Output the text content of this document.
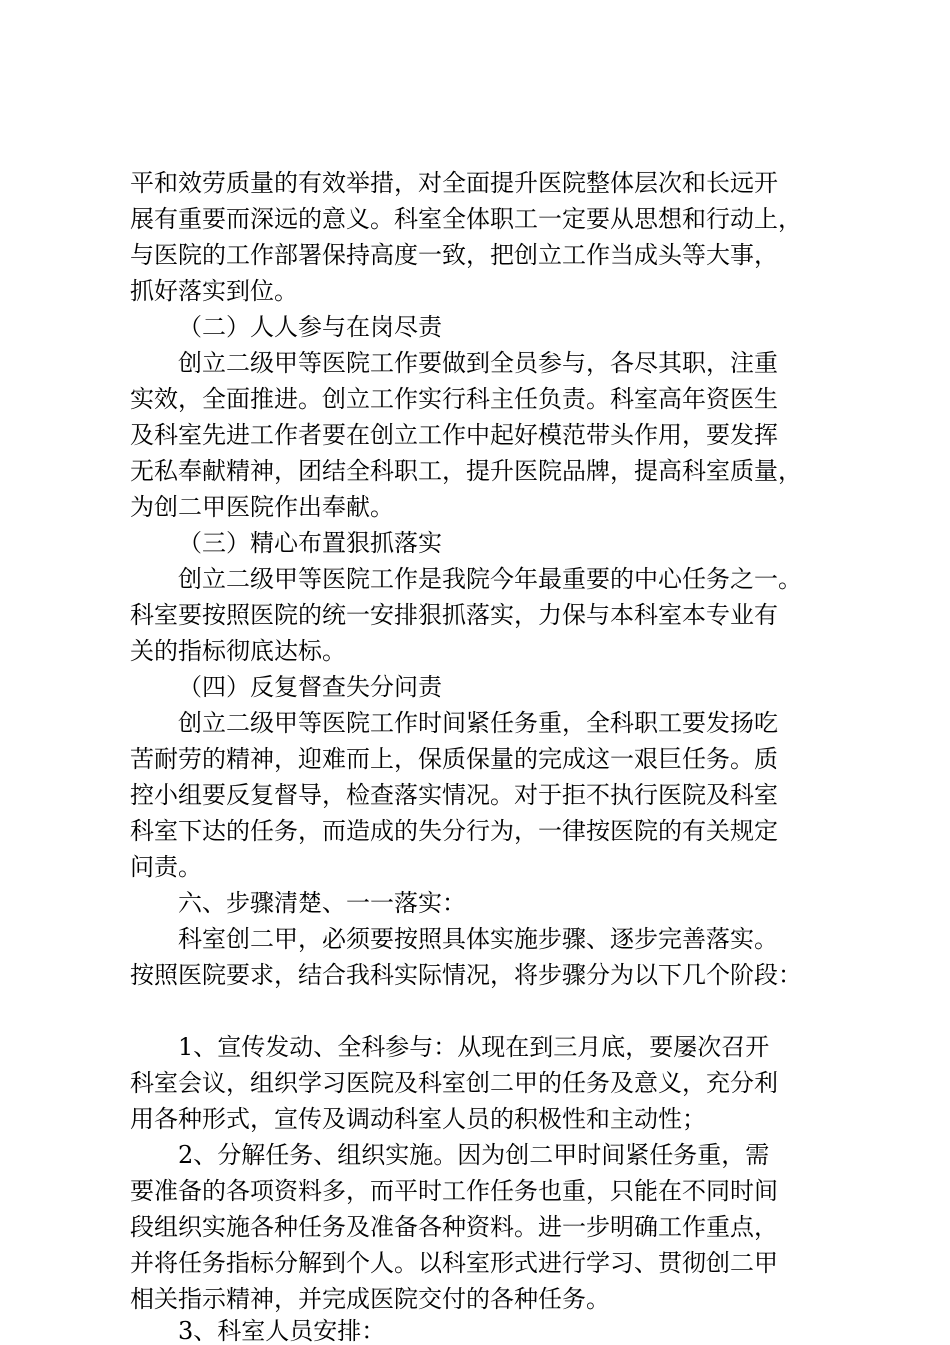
平和效劳质量的有效举措，对全面提升医院整体层次和长远开

展有重要而深远的意义。科室全体职工一定要从思想和行动上，

与医院的工作部署保持高度一致，把创立工作当成头等大事，

抓好落实到位。

（二）人人参与在岗尽责

创立二级甲等医院工作要做到全员参与，各尽其职，注重

实效，全面推进。创立工作实行科主任负责。科室高年资医生

及科室先进工作者要在创立工作中起好模范带头作用，要发挥

无私奉献精神，团结全科职工，提升医院品牌，提高科室质量，

为创二甲医院作出奉献。

（三）精心布置狠抓落实

创立二级甲等医院工作是我院今年最重要的中心任务之一。

科室要按照医院的统一安排狠抓落实，力保与本科室本专业有

关的指标彻底达标。

（四）反复督查失分问责

创立二级甲等医院工作时间紧任务重，全科职工要发扬吃

苦耐劳的精神，迎难而上，保质保量的完成这一艰巨任务。质

控小组要反复督导，检查落实情况。对于拒不执行医院及科室

科室下达的任务，而造成的失分行为，一律按医院的有关规定

问责。

六、步骤清楚、一一落实：

科室创二甲，必须要按照具体实施步骤、逐步完善落实。

按照医院要求，结合我科实际情况，将步骤分为以下几个阶段：

1、宣传发动、全科参与：从现在到三月底，要屡次召开

科室会议，组织学习医院及科室创二甲的任务及意义，充分利

用各种形式，宣传及调动科室人员的积极性和主动性；

2、分解任务、组织实施。因为创二甲时间紧任务重，需

要准备的各项资料多，而平时工作任务也重，只能在不同时间

段组织实施各种任务及准备各种资料。进一步明确工作重点，

并将任务指标分解到个人。以科室形式进行学习、贯彻创二甲

相关指示精神，并完成医院交付的各种任务。

3、科室人员安排：
